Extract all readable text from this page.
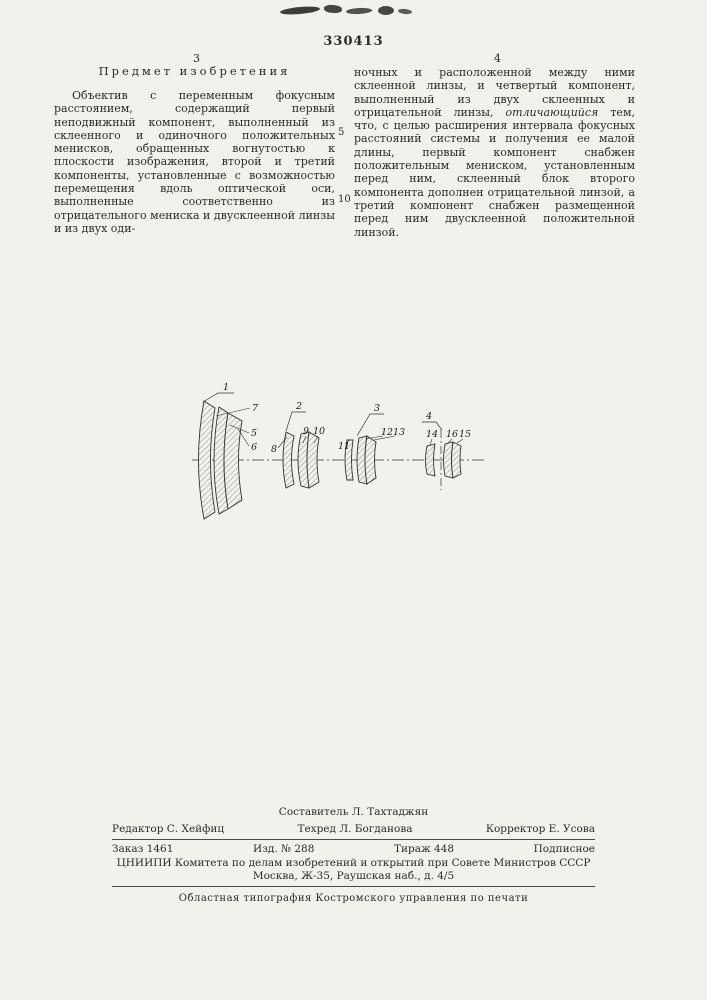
330413
3	4
Предмет изобретения

Объектив с переменным фокусным расстоянием, содержащий первый неподвижный компонент, выполненный из склеенного и одиночного положительных менисков, обращенных вогнутостью к плоскости изображения, второй и третий компоненты, установленные с возможностью перемещения вдоль оптической оси, выполненные соответственно из отрицательного мениска и двусклеенной линзы и из двух оди-

ночных и расположенной между ними склеенной линзы, и четвертый компонент, выполненный из двух склеенных и отрицательной линзы, отличающийся тем, что, с целью расширения интервала фокусных расстояний системы и получения ее малой длины, первый компонент снабжен положительным мениском, установленным перед ним, склеенный блок второго компонента дополнен отрицательной линзой, а третий компонент снабжен размещенной перед ним двусклеенной положительной линзой.

5
10
1
2	3
4
7
5
6 8
9 10
11
12 13 14 16 15
Составитель Л. Тахтаджян
Редактор С. Хейфиц	Техред Л. Богданова	Корректор Е. Усова
Заказ 1461	Изд. № 288	Тираж 448	Подписное
ЦНИИПИ Комитета по делам изобретений и открытий при Совете Министров СССР
Москва, Ж-35, Раушская наб., д. 4/5
Областная типография Костромского управления по печати
